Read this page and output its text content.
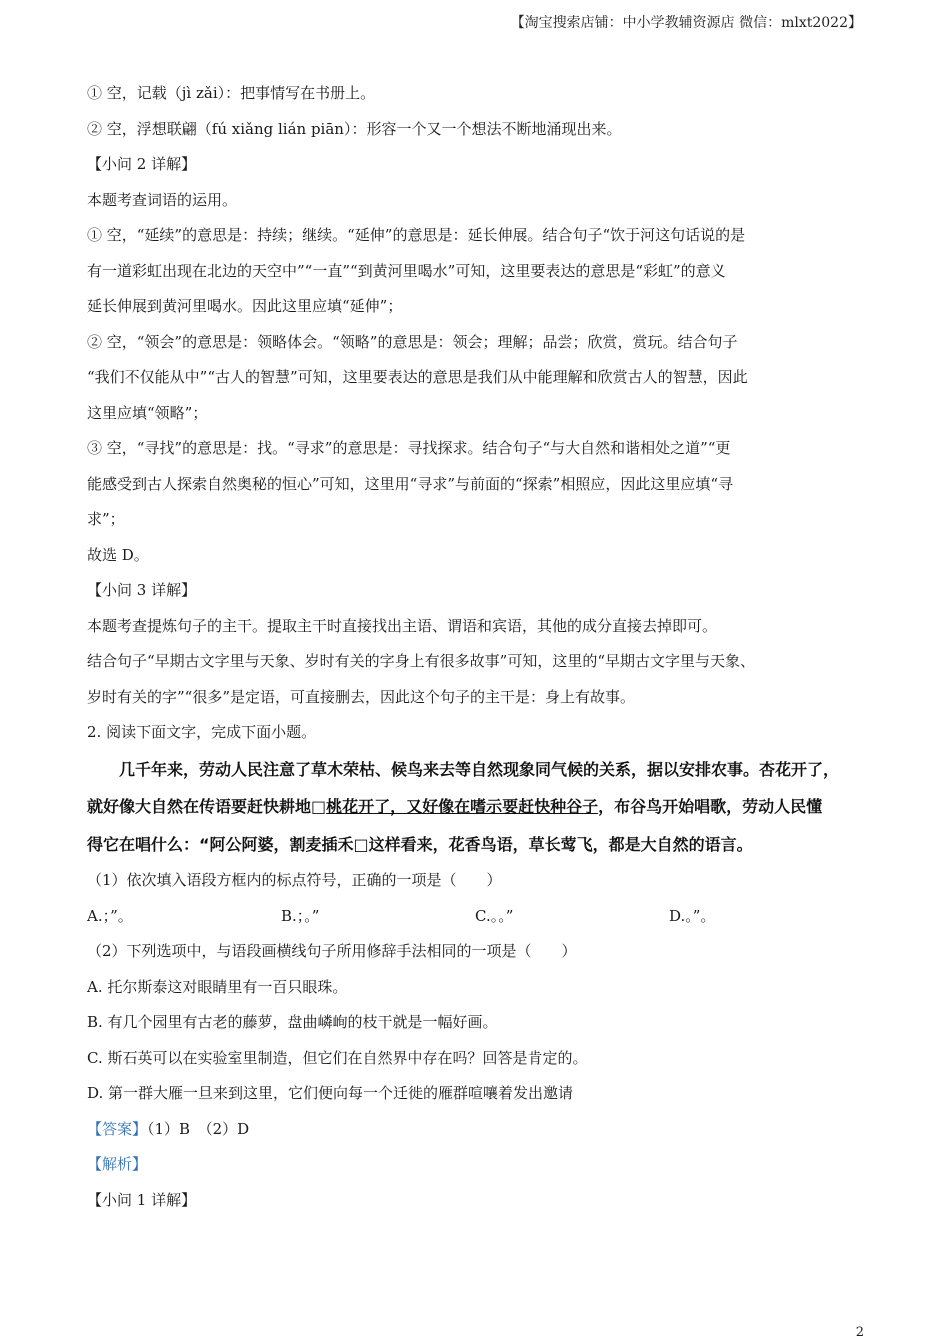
【淘宝搜索店铺：中小学教辅资源店 微信：mlxt2022】

① 空，记载（jì zǎi）：把事情写在书册上。

② 空，浮想联翩（fú xiǎng lián piān）：形容一个又一个想法不断地涌现出来。

【小问 2 详解】

本题考查词语的运用。

① 空，“延续”的意思是：持续；继续。“延伸”的意思是：延长伸展。结合句子“饮于河这句话说的是

有一道彩虹出现在北边的天空中”“一直”“到黄河里喝水”可知，这里要表达的意思是“彩虹”的意义

延长伸展到黄河里喝水。因此这里应填“延伸”；

② 空，“领会”的意思是：领略体会。“领略”的意思是：领会；理解；品尝；欣赏，赏玩。结合句子

“我们不仅能从中”“古人的智慧”可知，这里要表达的意思是我们从中能理解和欣赏古人的智慧，因此

这里应填“领略”；

③ 空，“寻找”的意思是：找。“寻求”的意思是：寻找探求。结合句子“与大自然和谐相处之道”“更

能感受到古人探索自然奥秘的恒心”可知，这里用“寻求”与前面的“探索”相照应，因此这里应填“寻

求”；

故选 D。

【小问 3 详解】

本题考查提炼句子的主干。提取主干时直接找出主语、谓语和宾语，其他的成分直接去掉即可。

结合句子“早期古文字里与天象、岁时有关的字身上有很多故事”可知，这里的“早期古文字里与天象、

岁时有关的字”“很多”是定语，可直接删去，因此这个句子的主干是：身上有故事。

2. 阅读下面文字，完成下面小题。

几千年来，劳动人民注意了草木荣枯、候鸟来去等自然现象同气候的关系，据以安排农事。杏花开了，

就好像大自然在传语要赶快耕地□桃花开了，又好像在嗜示要赶快种谷子，布谷鸟开始唱歌，劳动人民懂

得它在唱什么：“阿公阿婆，割麦插禾□这样看来，花香鸟语，草长莺飞，都是大自然的语言。

（1）依次填入语段方框内的标点符号，正确的一项是（　　）

A.；”。	B.；。”	C.。。”	D.。”。

（2）下列选项中，与语段画横线句子所用修辞手法相同的一项是（　　）

A. 托尔斯泰这对眼睛里有一百只眼珠。

B. 有几个园里有古老的藤萝，盘曲嶙峋的枝干就是一幅好画。

C. 斯石英可以在实验室里制造，但它们在自然界中存在吗？回答是肯定的。

D. 第一群大雁一旦来到这里，它们便向每一个迁徙的雁群喧嚷着发出邀请

【答案】（1）B　（2）D

【解析】

【小问 1 详解】

2
